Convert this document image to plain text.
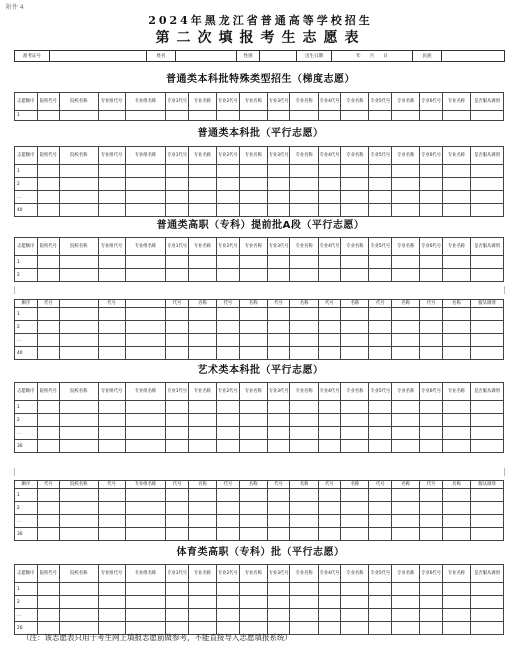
附件 4
2024年黑龙江省普通高等学校招生
第二次填报考生志愿表
准考证号	姓名	性别	出生日期	年　　月　　日	民族
普通类本科批特殊类型招生（梯度志愿）
志愿顺序	院校代号	院校名称	专业组代号	专业组名称	专业1代号	专业名称	专业2代号	专业名称	专业3代号	专业名称	专业4代号	专业名称	专业5代号	专业名称	专业6代号	专业名称	是否服从调剂
1																	
普通类本科批（平行志愿）
志愿顺序	院校代号	院校名称	专业组代号	专业组名称	专业1代号	专业名称	专业2代号	专业名称	专业3代号	专业名称	专业4代号	专业名称	专业5代号	专业名称	专业6代号	专业名称	是否服从调剂
1																	
2																	
...																	
40																	
普通类高职（专科）提前批A段（平行志愿）
志愿顺序	院校代号	院校名称	专业组代号	专业组名称	专业1代号	专业名称	专业2代号	专业名称	专业3代号	专业名称	专业4代号	专业名称	专业5代号	专业名称	专业6代号	专业名称	是否服从调剂
1																	
2																	
顺序	代号		代号		代号	名称	代号	名称	代号	名称	代号	名称	代号	名称	代号	名称	服从调剂
1																	
2																	
...																	
40																	
艺术类本科批（平行志愿）
志愿顺序	院校代号	院校名称	专业组代号	专业组名称	专业1代号	专业名称	专业2代号	专业名称	专业3代号	专业名称	专业4代号	专业名称	专业5代号	专业名称	专业6代号	专业名称	是否服从调剂
1																	
2																	
...																	
30																	
顺序	代号	院校名称	代号	专业组名称	代号	名称	代号	名称	代号	名称	代号	名称	代号	名称	代号	名称	服从调剂
1																	
2																	
...																	
30																	
体育类高职（专科）批（平行志愿）
志愿顺序	院校代号	院校名称	专业组代号	专业组名称	专业1代号	专业名称	专业2代号	专业名称	专业3代号	专业名称	专业4代号	专业名称	专业5代号	专业名称	专业6代号	专业名称	是否服从调剂
1																	
2																	
...																	
20																	
（注：该志愿表只用于考生网上填报志愿前做参考，不能直接导入志愿填报系统）
